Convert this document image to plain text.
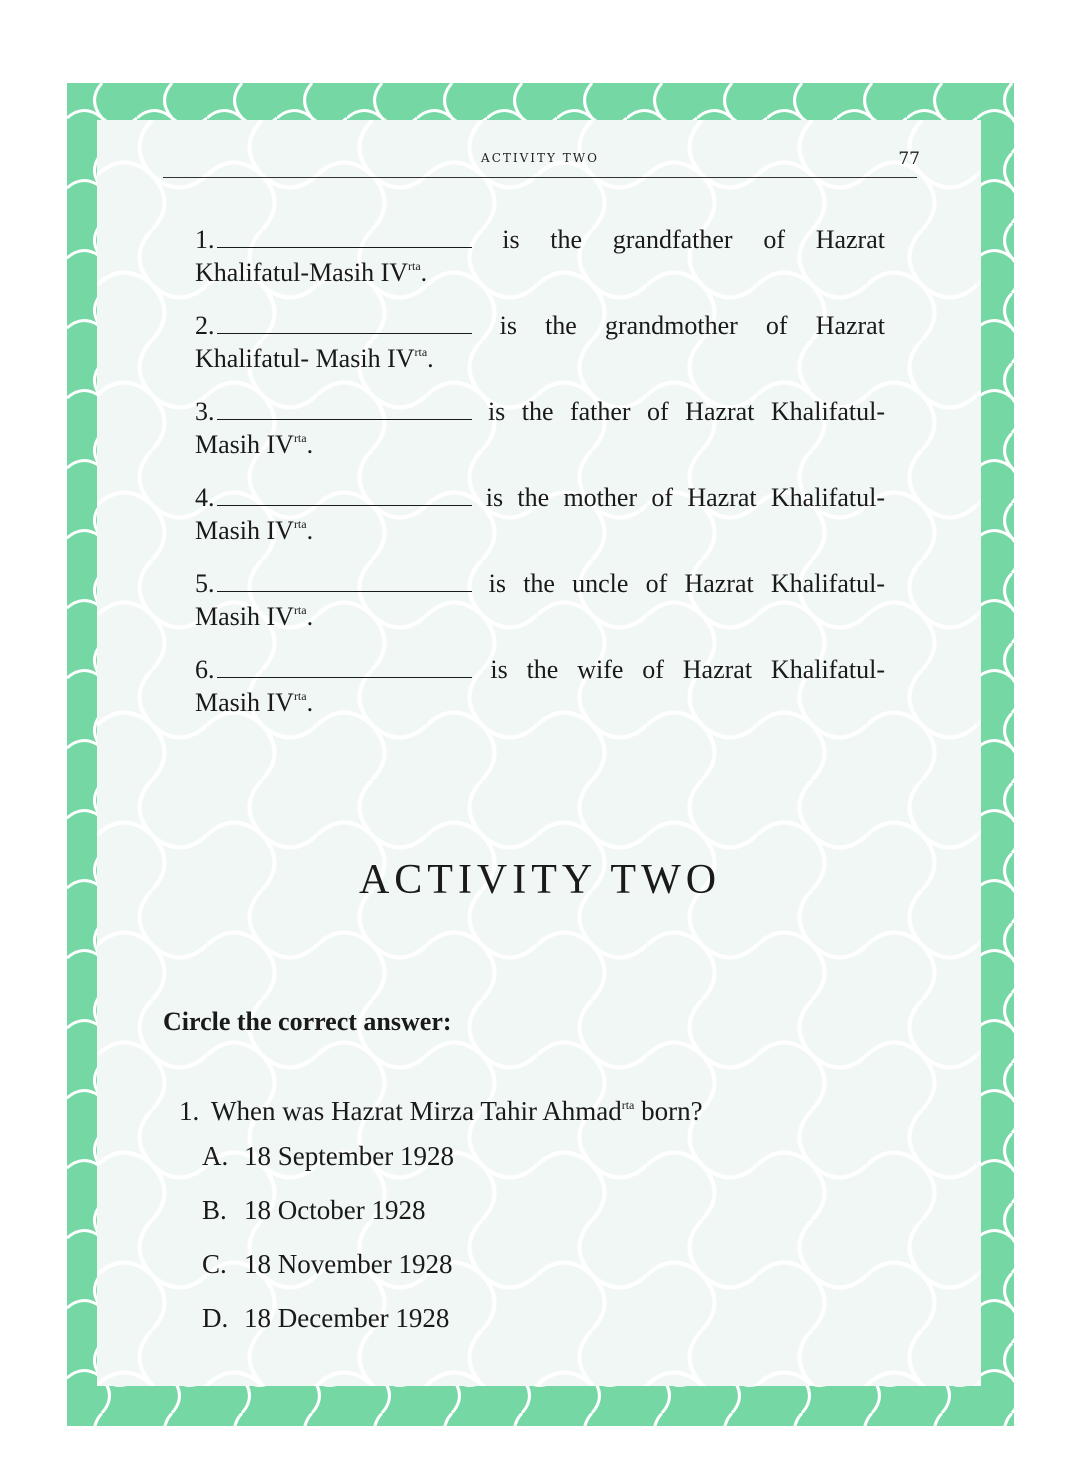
ACTIVITY TWO	77
1.	is the grandfather of Hazrat
Khalifatul-Masih $IV^{rta}$.
2.	is the grandmother of Hazrat
Khalifatul- Masih $IV^{rta}$.
3.	is the father of Hazrat Khalifatul-
Masih $IV^{rta}$.
4.	is the mother of Hazrat Khalifatul-
Masih $IV^{rta}$.
5.	is the uncle of Hazrat Khalifatul-
Masih $IV^{rta}$.
6.	is the wife of Hazrat Khalifatul-
Masih $IV^{rta}$.
ACTIVITY TWO
Circle the correct answer:
1. When was Hazrat Mirza Tahir Ahmad$^{rta}$ born?
A. 18 September 1928
B. 18 October 1928
C. 18 November 1928
D. 18 December 1928
